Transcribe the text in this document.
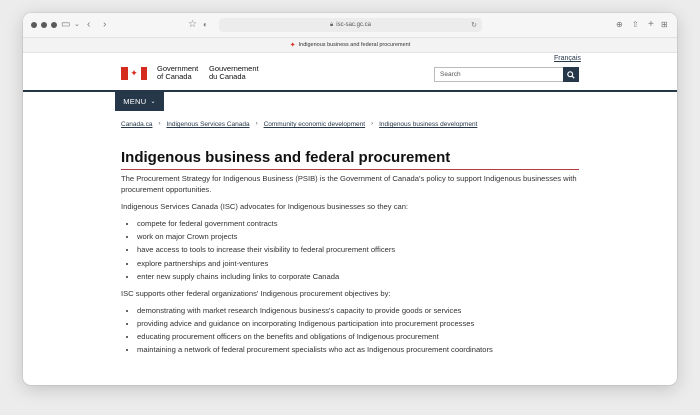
▭ ⌄ ‹ ›	☆ ◐	🔒︎ isc-sac.gc.ca	↻	⊕ ⇧ + ⊞
✦ Indigenous business and federal procurement
Français
✦	Government
of Canada
Gouvernement
du Canada	Search
MENU ⌄
Canada.ca › Indigenous Services Canada › Community economic development › Indigenous business development
Indigenous business and federal procurement

The Procurement Strategy for Indigenous Business (PSIB) is the Government of Canada's policy to support Indigenous businesses with procurement opportunities.

Indigenous Services Canada (ISC) advocates for Indigenous businesses so they can:

• compete for federal government contracts
• work on major Crown projects
• have access to tools to increase their visibility to federal procurement officers
• explore partnerships and joint-ventures
• enter new supply chains including links to corporate Canada

ISC supports other federal organizations' Indigenous procurement objectives by:

• demonstrating with market research Indigenous business's capacity to provide goods or services
• providing advice and guidance on incorporating Indigenous participation into procurement processes
• educating procurement officers on the benefits and obligations of Indigenous procurement
• maintaining a network of federal procurement specialists who act as Indigenous procurement coordinators
